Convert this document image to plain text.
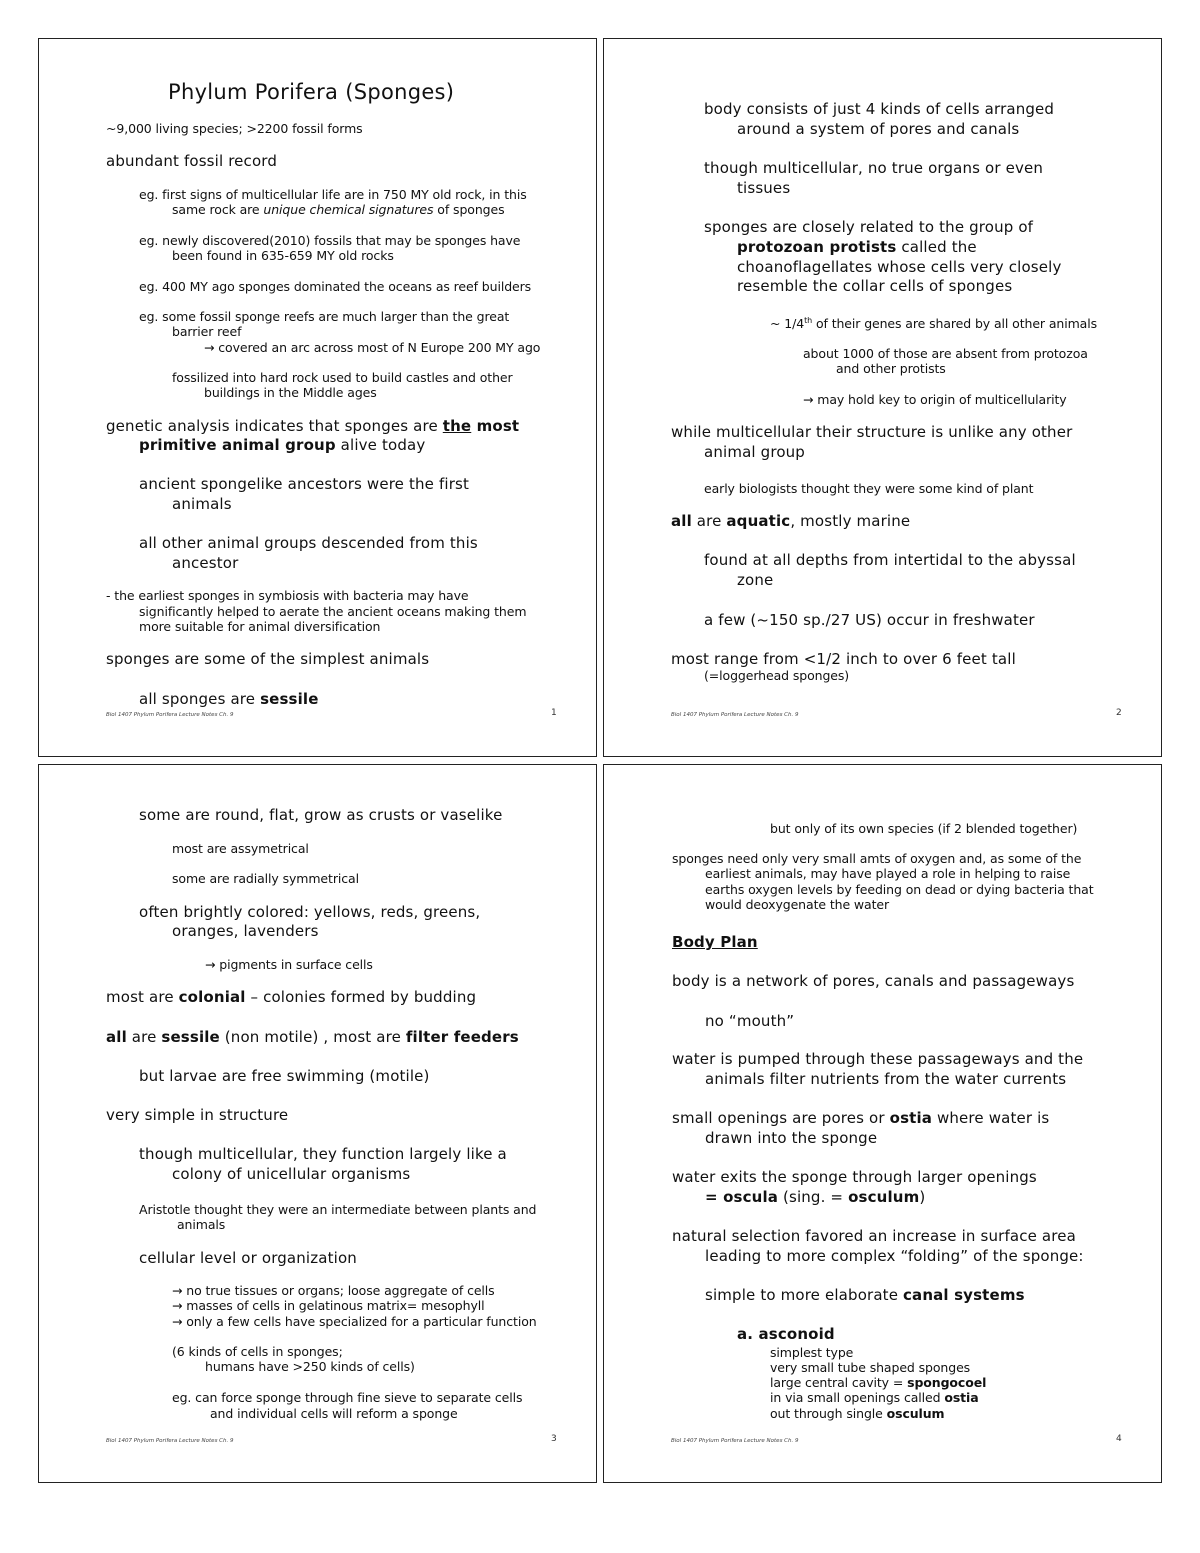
Phylum Porifera (Sponges)
~9,000 living species; >2200 fossil forms
abundant fossil record
eg. first signs of multicellular life are in 750 MY old rock, in this
same rock are unique chemical signatures of sponges
eg. newly discovered(2010) fossils that may be sponges have
been found in 635-659 MY old rocks
eg. 400 MY ago sponges dominated the oceans as reef builders
eg. some fossil sponge reefs are much larger than the great
barrier reef
→ covered an arc across most of N Europe 200 MY ago
fossilized into hard rock used to build castles and other
buildings in the Middle ages
genetic analysis indicates that sponges are the most
primitive animal group alive today
ancient spongelike ancestors were the first
animals
all other animal groups descended from this
ancestor
- the earliest sponges in symbiosis with bacteria may have
significantly helped to aerate the ancient oceans making them
more suitable for animal diversification
sponges are some of the simplest animals
all sponges are sessile
Biol 1407 Phylum Porifera Lecture Notes Ch. 9	1
body consists of just 4 kinds of cells arranged
around a system of pores and canals
though multicellular, no true organs or even
tissues
sponges are closely related to the group of
protozoan protists called the
choanoflagellates whose cells very closely
resemble the collar cells of sponges
~ 1/4th of their genes are shared by all other animals
about 1000 of those are absent from protozoa
and other protists
→ may hold key to origin of multicellularity
while multicellular their structure is unlike any other
animal group
early biologists thought they were some kind of plant
all are aquatic, mostly marine
found at all depths from intertidal to the abyssal
zone
a few (~150 sp./27 US) occur in freshwater
most range from <1/2 inch to over 6 feet tall
(=loggerhead sponges)
Biol 1407 Phylum Porifera Lecture Notes Ch. 9	2
some are round, flat, grow as crusts or vaselike
most are assymetrical
some are radially symmetrical
often brightly colored: yellows, reds, greens,
oranges, lavenders
→ pigments in surface cells
most are colonial – colonies formed by budding
all are sessile (non motile) , most are filter feeders
but larvae are free swimming (motile)
very simple in structure
though multicellular, they function largely like a
colony of unicellular organisms
Aristotle thought they were an intermediate between plants and
animals
cellular level or organization
→ no true tissues or organs; loose aggregate of cells
→ masses of cells in gelatinous matrix= mesophyll
→ only a few cells have specialized for a particular function
(6 kinds of cells in sponges;
humans have >250 kinds of cells)
eg. can force sponge through fine sieve to separate cells
and individual cells will reform a sponge
Biol 1407 Phylum Porifera Lecture Notes Ch. 9	3
but only of its own species (if 2 blended together)
sponges need only very small amts of oxygen and, as some of the
earliest animals, may have played a role in helping to raise
earths oxygen levels by feeding on dead or dying bacteria that
would deoxygenate the water
Body Plan
body is a network of pores, canals and passageways
no “mouth”
water is pumped through these passageways and the
animals filter nutrients from the water currents
small openings are pores or ostia where water is
drawn into the sponge
water exits the sponge through larger openings
= oscula (sing. = osculum)
natural selection favored an increase in surface area
leading to more complex “folding” of the sponge:
simple to more elaborate canal systems
a. asconoid
simplest type
very small tube shaped sponges
large central cavity = spongocoel
in via small openings called ostia
out through single osculum
Biol 1407 Phylum Porifera Lecture Notes Ch. 9	4
